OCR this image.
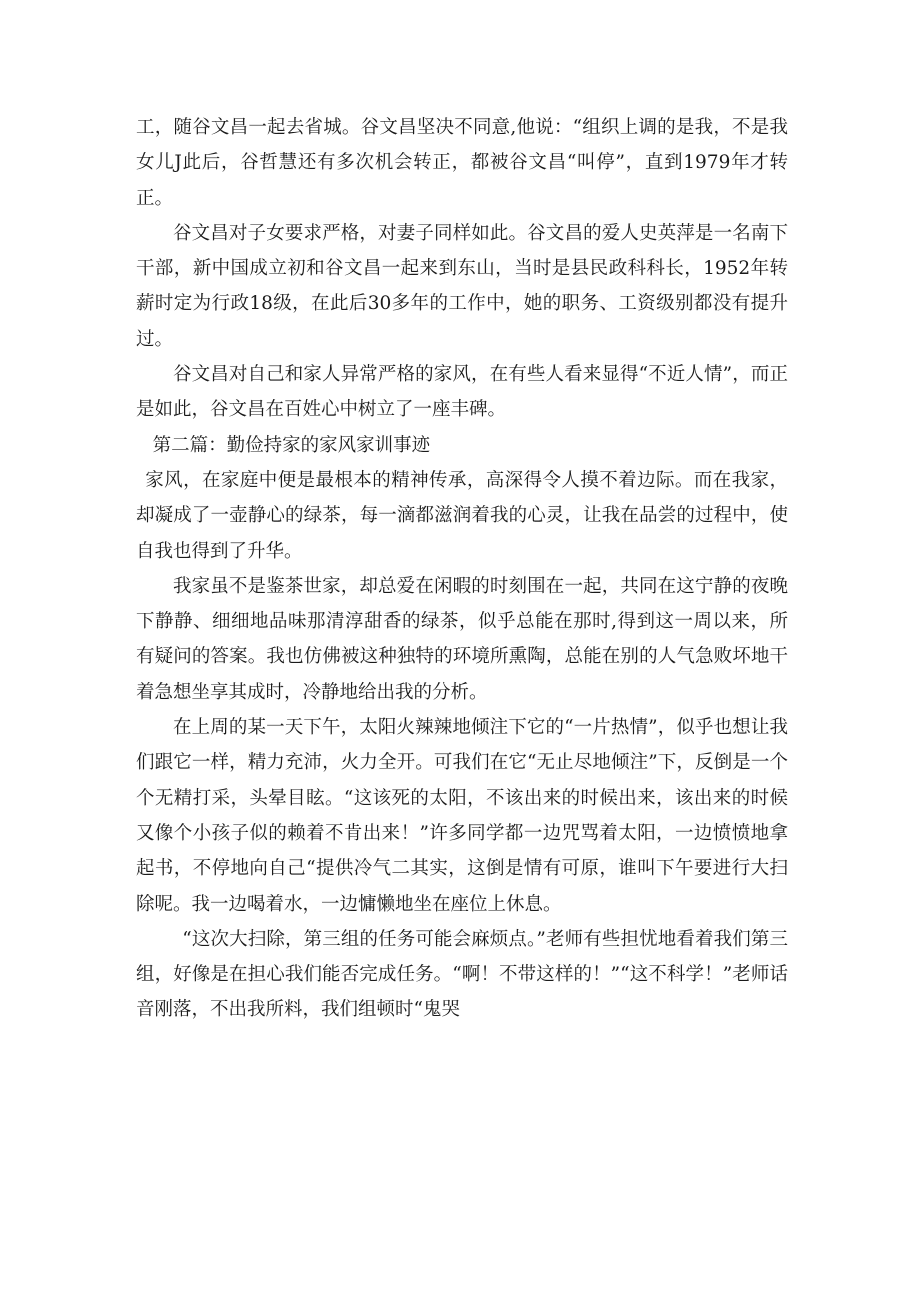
工，随谷文昌一起去省城。谷文昌坚决不同意,他说：“组织上调的是我，不是我女儿J此后，谷哲慧还有多次机会转正，都被谷文昌“叫停”，直到1979年才转正。

谷文昌对子女要求严格，对妻子同样如此。谷文昌的爱人史英萍是一名南下干部，新中国成立初和谷文昌一起来到东山，当时是县民政科科长，1952年转薪时定为行政18级，在此后30多年的工作中，她的职务、工资级别都没有提升过。

谷文昌对自己和家人异常严格的家风，在有些人看来显得“不近人情”，而正是如此，谷文昌在百姓心中树立了一座丰碑。

第二篇：勤俭持家的家风家训事迹

家风，在家庭中便是最根本的精神传承，高深得令人摸不着边际。而在我家，却凝成了一壶静心的绿茶，每一滴都滋润着我的心灵，让我在品尝的过程中，使自我也得到了升华。

我家虽不是鉴茶世家，却总爱在闲暇的时刻围在一起，共同在这宁静的夜晚下静静、细细地品味那清淳甜香的绿茶，似乎总能在那时,得到这一周以来，所有疑问的答案。我也仿佛被这种独特的环境所熏陶，总能在别的人气急败坏地干着急想坐享其成时，冷静地给出我的分析。

在上周的某一天下午，太阳火辣辣地倾注下它的“一片热情”，似乎也想让我们跟它一样，精力充沛，火力全开。可我们在它“无止尽地倾注”下，反倒是一个个无精打采，头晕目眩。“这该死的太阳，不该出来的时候出来，该出来的时候又像个小孩子似的赖着不肯出来！”许多同学都一边咒骂着太阳，一边愤愤地拿起书，不停地向自己“提供冷气二其实，这倒是情有可原，谁叫下午要进行大扫除呢。我一边喝着水，一边慵懒地坐在座位上休息。

“这次大扫除，第三组的任务可能会麻烦点。”老师有些担忧地看着我们第三组，好像是在担心我们能否完成任务。“啊！不带这样的！”“这不科学！”老师话音刚落，不出我所料，我们组顿时“鬼哭
